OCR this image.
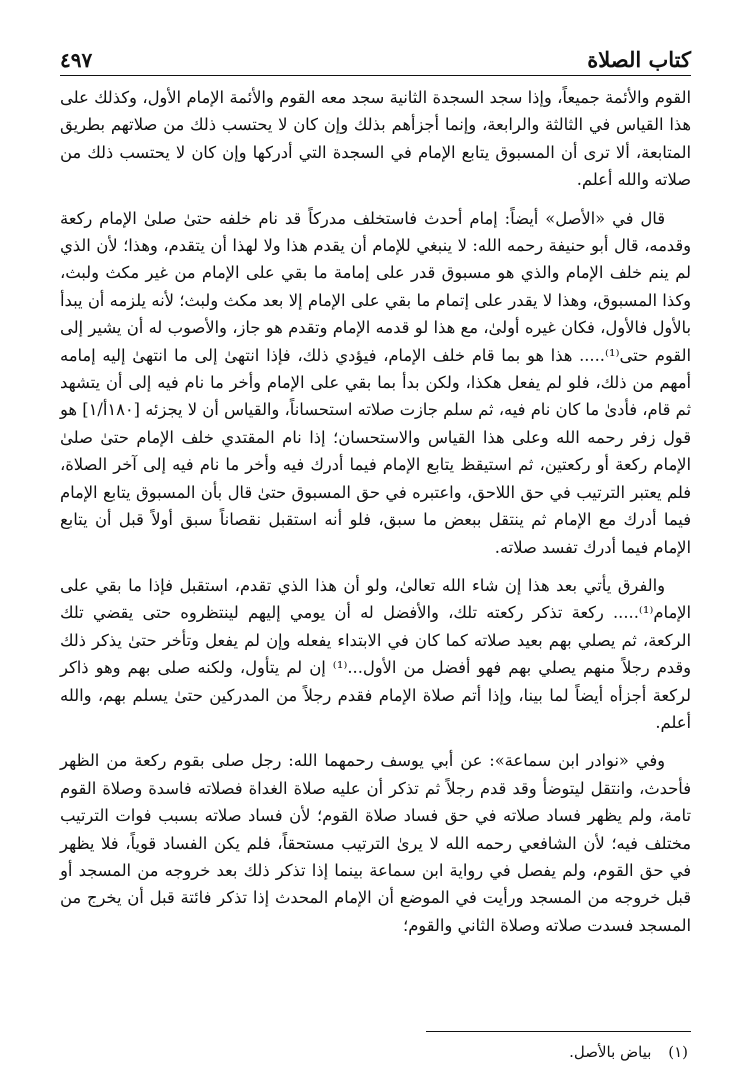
كتاب الصلاة
٤٩٧

القوم والأئمة جميعاً، وإذا سجد السجدة الثانية سجد معه القوم والأئمة الإمام الأول، وكذلك على هذا القياس في الثالثة والرابعة، وإنما أجزأهم بذلك وإن كان لا يحتسب ذلك من صلاتهم بطريق المتابعة، ألا ترى أن المسبوق يتابع الإمام في السجدة التي أدركها وإن كان لا يحتسب ذلك من صلاته والله أعلم.

قال في «الأصل» أيضاً: إمام أحدث فاستخلف مدركاً قد نام خلفه حتىٰ صلىٰ الإمام ركعة وقدمه، قال أبو حنيفة رحمه الله: لا ينبغي للإمام أن يقدم هذا ولا لهذا أن يتقدم، وهذا؛ لأن الذي لم ينم خلف الإمام والذي هو مسبوق قدر على إمامة ما بقي على الإمام من غير مكث ولبث، وكذا المسبوق، وهذا لا يقدر على إتمام ما بقي على الإمام إلا بعد مكث ولبث؛ لأنه يلزمه أن يبدأ بالأول فالأول، فكان غيره أولىٰ، مع هذا لو قدمه الإمام وتقدم هو جاز، والأصوب له أن يشير إلى القوم حتى⁽¹⁾..... هذا هو بما قام خلف الإمام، فيؤدي ذلك، فإذا انتهىٰ إلى ما انتهىٰ إليه إمامه أمهم من ذلك، فلو لم يفعل هكذا، ولكن بدأ بما بقي على الإمام وأخر ما نام فيه إلى أن يتشهد ثم قام، فأدىٰ ما كان نام فيه، ثم سلم جازت صلاته استحساناً، والقياس أن لا يجزئه [١٨٠أ/١] هو قول زفر رحمه الله وعلى هذا القياس والاستحسان؛ إذا نام المقتدي خلف الإمام حتىٰ صلىٰ الإمام ركعة أو ركعتين، ثم استيقظ يتابع الإمام فيما أدرك فيه وأخر ما نام فيه إلى آخر الصلاة، فلم يعتبر الترتيب في حق اللاحق، واعتبره في حق المسبوق حتىٰ قال بأن المسبوق يتابع الإمام فيما أدرك مع الإمام ثم ينتقل ببعض ما سبق، فلو أنه استقبل نقصاناً سبق أولاً قبل أن يتابع الإمام فيما أدرك تفسد صلاته.

والفرق يأتي بعد هذا إن شاء الله تعالىٰ، ولو أن هذا الذي تقدم، استقبل فإذا ما بقي على الإمام⁽¹⁾..... ركعة تذكر ركعته تلك، والأفضل له أن يومي إليهم لينتظروه حتى يقضي تلك الركعة، ثم يصلي بهم بعيد صلاته كما كان في الابتداء يفعله وإن لم يفعل وتأخر حتىٰ يذكر ذلك وقدم رجلاً منهم يصلي بهم فهو أفضل من الأول...⁽¹⁾ إن لم يتأول، ولكنه صلى بهم وهو ذاكر لركعة أجزأه أيضاً لما بينا، وإذا أتم صلاة الإمام فقدم رجلاً من المدركين حتىٰ يسلم بهم، والله أعلم.

وفي «نوادر ابن سماعة»: عن أبي يوسف رحمهما الله: رجل صلى بقوم ركعة من الظهر فأحدث، وانتقل ليتوضأ وقد قدم رجلاً ثم تذكر أن عليه صلاة الغداة فصلاته فاسدة وصلاة القوم تامة، ولم يظهر فساد صلاته في حق فساد صلاة القوم؛ لأن فساد صلاته بسبب فوات الترتيب مختلف فيه؛ لأن الشافعي رحمه الله لا يرىٰ الترتيب مستحقاً، فلم يكن الفساد قوياً، فلا يظهر في حق القوم، ولم يفصل في رواية ابن سماعة بينما إذا تذكر ذلك بعد خروجه من المسجد أو قبل خروجه من المسجد ورأيت في الموضع أن الإمام المحدث إذا تذكر فائتة قبل أن يخرج من المسجد فسدت صلاته وصلاة الثاني والقوم؛

(١) بياض بالأصل.
